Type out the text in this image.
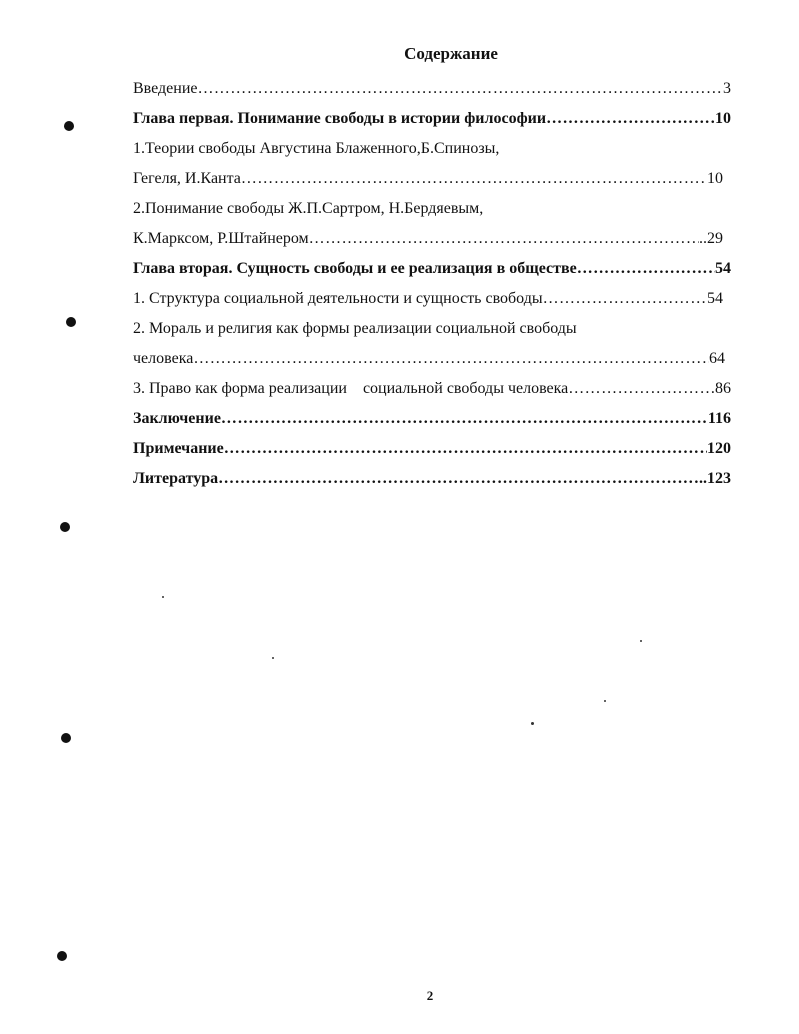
Содержание
Введение ……………………………………………………………………………………………………………………………………………………………………	3
Глава первая. Понимание свободы в истории философии ……………………………………………………………………………………………………………………………………………………………………	10
1.Теории свободы Августина Блаженного,Б.Спинозы,
Гегеля, И.Канта ……………………………………………………………………………………………………………………………………………………………………	10
2.Понимание свободы Ж.П.Сартром, Н.Бердяевым,
К.Марксом, Р.Штайнером ……………………………………………………………………………………………………………………………………………………………………	..29
Глава вторая. Сущность свободы и ее реализация в обществе ……………………………………………………………………………………………………………………………………………………………………	54
1. Структура социальной деятельности и сущность свободы ……………………………………………………………………………………………………………………………………………………………………	54
2. Мораль и религия как формы реализации социальной свободы
человека ……………………………………………………………………………………………………………………………………………………………………	64
3. Право как форма реализации    социальной свободы человека ……………………………………………………………………………………………………………………………………………………………………	86
Заключение ……………………………………………………………………………………………………………………………………………………………………	116
Примечание ……………………………………………………………………………………………………………………………………………………………………	120
Литература ……………………………………………………………………………………………………………………………………………………………………	..123
2
